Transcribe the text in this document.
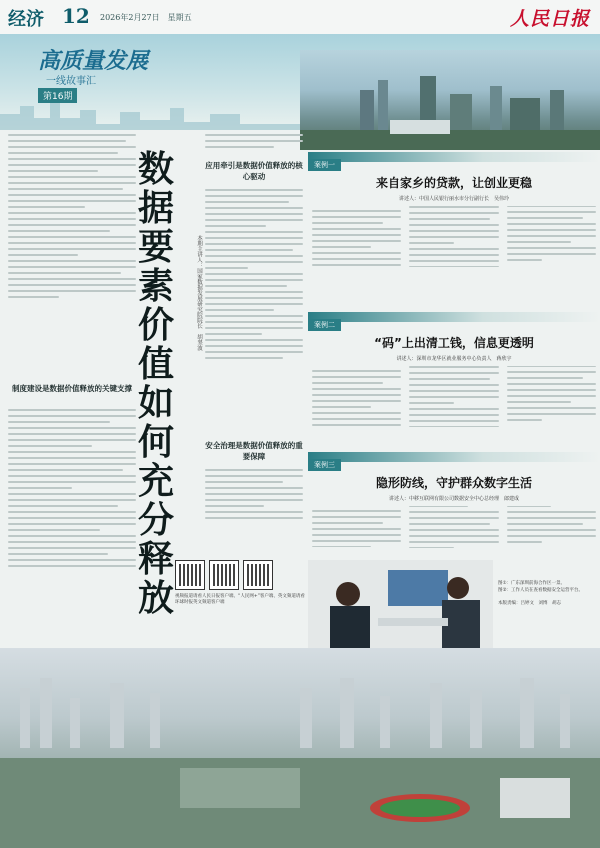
经济 12 2026年2月27日　星期五	人民日报
高质量发展
一线故事汇
第16期
制度建设是数据价值释放的关键支撑
数据要素价值如何充分释放
本期主讲人：国家数据发展研究院院长　胡坚波
应用牵引是数据价值释放的核心驱动
安全治理是数据价值释放的重要保障
视频报道请看人民日报客户端、“人民网+”客户端、英文频道请看环球时报英文频道客户端
案例一
来自家乡的贷款，让创业更稳
讲述人：中国人民银行丽水市分行副行长　吴伟玲
案例二
“码”上出清工钱，信息更透明
讲述人：深圳市龙华区就业服务中心负责人　蒋欣宇
案例三
隐形防线，守护群众数字生活
讲述人：中移互联网有限公司数据安全中心总经理　郎建成
图①：广东深圳前海合作区一景。
图②：工作人员在查看数据安全运营平台。
本版责编：吕婷文　刘博　胡志
